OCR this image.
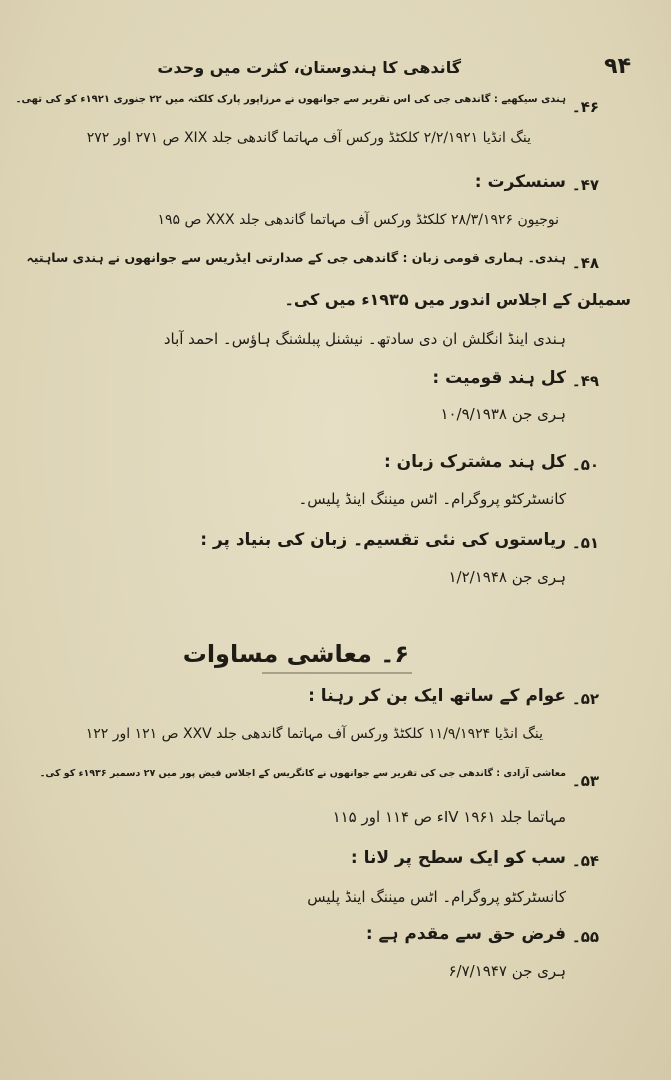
۹۴
گاندھی کا ہندوستان، کثرت میں وحدت
۴۶۔
ہندی سیکھیے : گاندھی جی کی اس تقریر سے جوانھوں نے مرزاپور پارک کلکتہ میں ۲۲ جنوری ۱۹۲۱ء کو کی تھی۔
ینگ انڈیا ۲/۲/۱۹۲۱ کلکٹڈ ورکس آف مہاتما گاندھی جلد XIX ص ۲۷۱ اور ۲۷۲
۴۷۔
سنسکرت :
نوجیون ۲۸/۳/۱۹۲۶ کلکٹڈ ورکس آف مہاتما گاندھی جلد XXX ص ۱۹۵
۴۸۔
ہندی۔ ہماری قومی زبان : گاندھی جی کے صدارتی ایڈریس سے جوانھوں نے ہندی ساہتیہ
سمیلن کے اجلاس اندور میں ۱۹۳۵ء میں کی۔
ہندی اینڈ انگلش ان دی سادتھ۔ نیشنل پبلشنگ ہاؤس۔ احمد آباد
۴۹۔
کل ہند قومیت :
ہری جن ۱۰/۹/۱۹۳۸
۵۰۔
کل ہند مشترک زبان :
کانسٹرکٹو پروگرام۔ اٹس میننگ اینڈ پلیس۔
۵۱۔
ریاستوں کی نئی تقسیم۔ زبان کی بنیاد پر :
ہری جن ۱/۲/۱۹۴۸
۶۔ معاشی مساوات
۵۲۔
عوام کے ساتھ ایک بن کر رہنا :
ینگ انڈیا ۱۱/۹/۱۹۲۴ کلکٹڈ ورکس آف مہاتما گاندھی جلد XXV ص ۱۲۱ اور ۱۲۲
۵۳۔
معاشی آزادی : گاندھی جی کی تقریر سے جوانھوں نے کانگریس کے اجلاس فیض پور میں ۲۷ دسمبر ۱۹۳۶ء کو کی۔
مہاتما جلد IV ۱۹۶۱ء ص ۱۱۴ اور ۱۱۵
۵۴۔
سب کو ایک سطح پر لانا :
کانسٹرکٹو پروگرام۔ اٹس میننگ اینڈ پلیس
۵۵۔
فرض حق سے مقدم ہے :
ہری جن ۶/۷/۱۹۴۷
